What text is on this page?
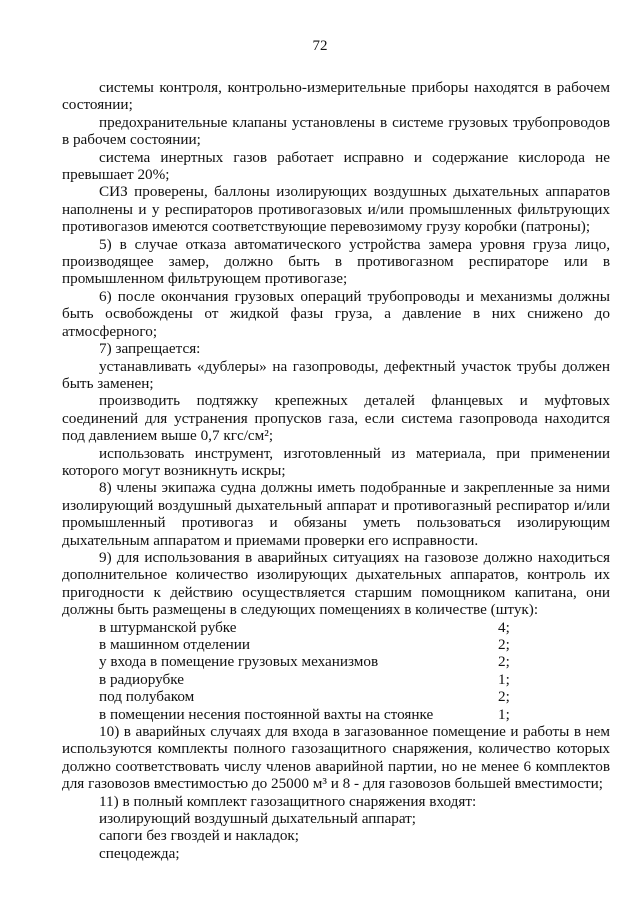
72

системы контроля, контрольно-измерительные приборы находятся в рабочем состоянии;

предохранительные клапаны установлены в системе грузовых трубопроводов в рабочем состоянии;

система инертных газов работает исправно и содержание кислорода не превышает 20%;

СИЗ проверены, баллоны изолирующих воздушных дыхательных аппаратов наполнены и у респираторов противогазовых и/или промышленных фильтрующих противогазов имеются соответствующие перевозимому грузу коробки (патроны);

5) в случае отказа автоматического устройства замера уровня груза лицо, производящее замер, должно быть в противогазном респираторе или в промышленном фильтрующем противогазе;

6) после окончания грузовых операций трубопроводы и механизмы должны быть освобождены от жидкой фазы груза, а давление в них снижено до атмосферного;

7) запрещается:

устанавливать «дублеры» на газопроводы, дефектный участок трубы должен быть заменен;

производить подтяжку крепежных деталей фланцевых и муфтовых соединений для устранения пропусков газа, если система газопровода находится под давлением выше 0,7 кгс/см²;

использовать инструмент, изготовленный из материала, при применении которого могут возникнуть искры;

8) члены экипажа судна должны иметь подобранные и закрепленные за ними изолирующий воздушный дыхательный аппарат и противогазный респиратор и/или промышленный противогаз и обязаны уметь пользоваться изолирующим дыхательным аппаратом и приемами проверки его исправности.

9) для использования в аварийных ситуациях на газовозе должно находиться дополнительное количество изолирующих дыхательных аппаратов, контроль их пригодности к действию осуществляется старшим помощником капитана, они должны быть размещены в следующих помещениях в количестве (штук):

в штурманской рубке	4;
в машинном отделении	2;
у входа в помещение грузовых механизмов	2;
в радиорубке	1;
под полубаком	2;
в помещении несения постоянной вахты на стоянке	1;

10) в аварийных случаях для входа в загазованное помещение и работы в нем используются комплекты полного газозащитного снаряжения, количество которых должно соответствовать числу членов аварийной партии, но не менее 6 комплектов для газовозов вместимостью до 25000 м³ и 8 - для газовозов большей вместимости;

11) в полный комплект газозащитного снаряжения входят:

изолирующий воздушный дыхательный аппарат;

сапоги без гвоздей и накладок;

спецодежда;
